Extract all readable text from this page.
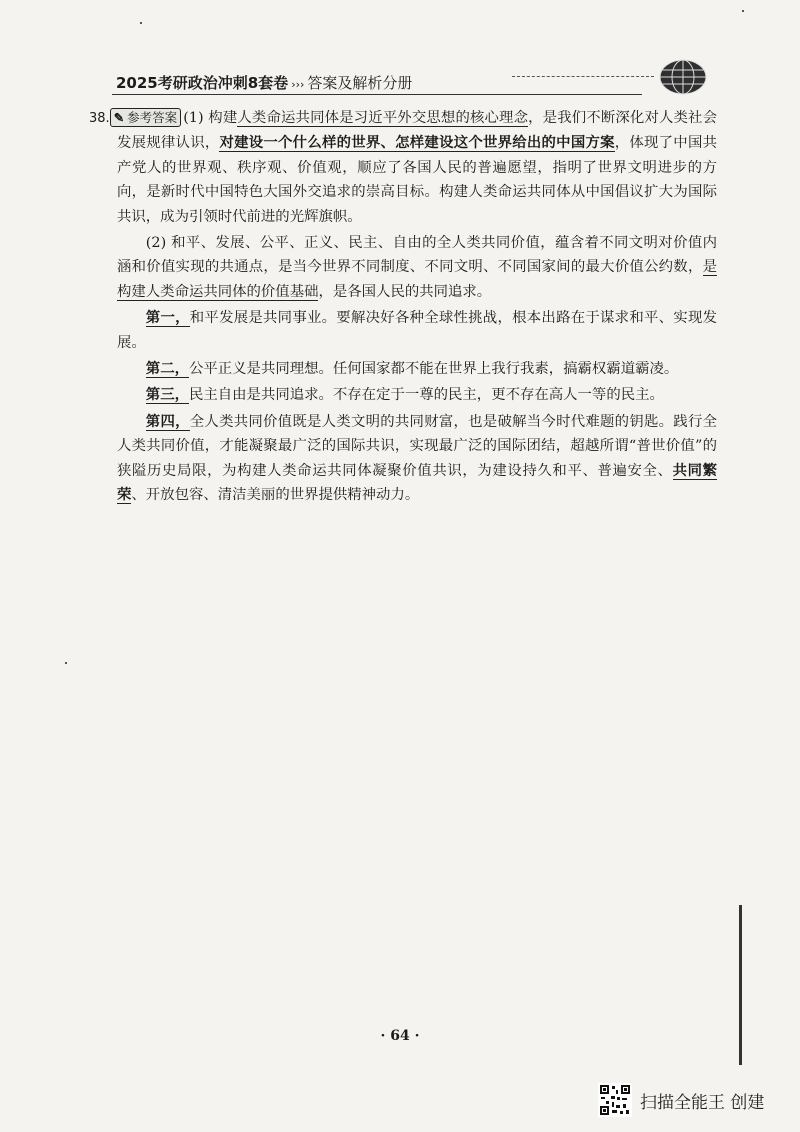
2025考研政治冲刺8套卷 ››› 答案及解析分册

38. ✎ 参考答案 (1) 构建人类命运共同体是习近平外交思想的核心理念，是我们不断深化对人类社会发展规律认识，对建设一个什么样的世界、怎样建设这个世界给出的中国方案，体现了中国共产党人的世界观、秩序观、价值观，顺应了各国人民的普遍愿望，指明了世界文明进步的方向，是新时代中国特色大国外交追求的崇高目标。构建人类命运共同体从中国倡议扩大为国际共识，成为引领时代前进的光辉旗帜。

(2) 和平、发展、公平、正义、民主、自由的全人类共同价值，蕴含着不同文明对价值内涵和价值实现的共通点，是当今世界不同制度、不同文明、不同国家间的最大价值公约数，是构建人类命运共同体的价值基础，是各国人民的共同追求。

第一，和平发展是共同事业。要解决好各种全球性挑战，根本出路在于谋求和平、实现发展。

第二，公平正义是共同理想。任何国家都不能在世界上我行我素，搞霸权霸道霸凌。

第三，民主自由是共同追求。不存在定于一尊的民主，更不存在高人一等的民主。

第四，全人类共同价值既是人类文明的共同财富，也是破解当今时代难题的钥匙。践行全人类共同价值，才能凝聚最广泛的国际共识，实现最广泛的国际团结，超越所谓“普世价值”的狭隘历史局限，为构建人类命运共同体凝聚价值共识，为建设持久和平、普遍安全、共同繁荣、开放包容、清洁美丽的世界提供精神动力。

· 64 ·
扫描全能王 创建
